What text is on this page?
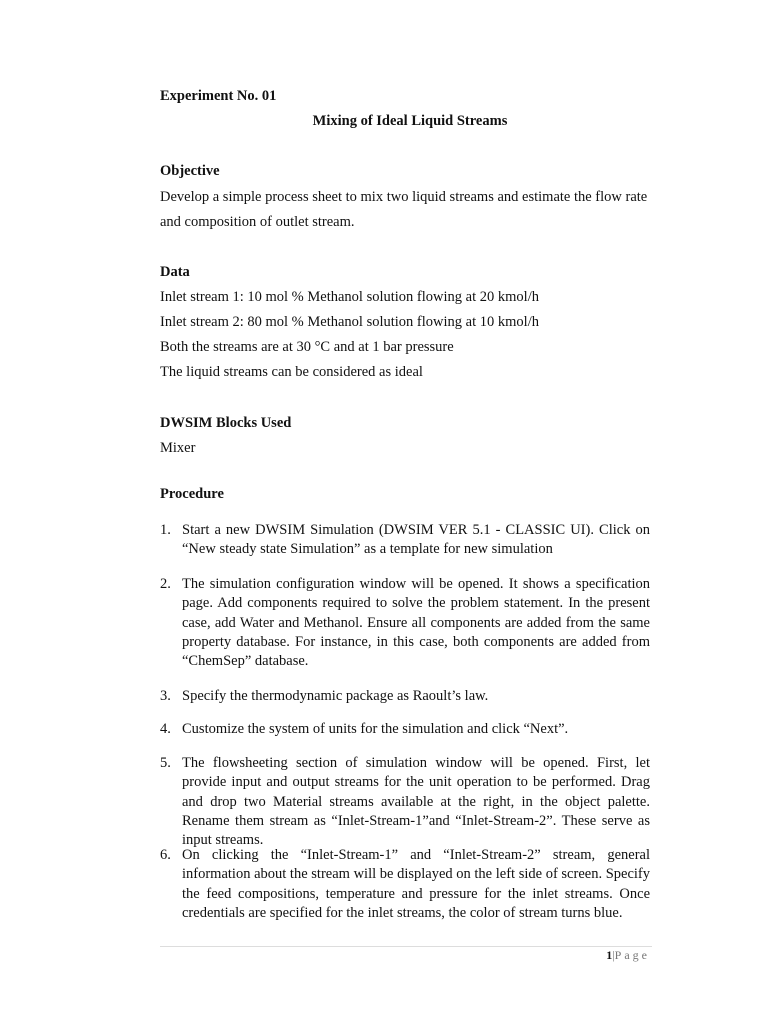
Experiment No. 01
Mixing of Ideal Liquid Streams
Objective
Develop a simple process sheet to mix two liquid streams and estimate the flow rate
and composition of outlet stream.
Data
Inlet stream 1: 10 mol % Methanol solution flowing at 20 kmol/h
Inlet stream 2: 80 mol % Methanol solution flowing at 10 kmol/h
Both the streams are at 30 °C and at 1 bar pressure
The liquid streams can be considered as ideal
DWSIM Blocks Used
Mixer
Procedure
1. Start a new DWSIM Simulation (DWSIM VER 5.1 - CLASSIC UI). Click on “New steady state Simulation” as a template for new simulation
2. The simulation configuration window will be opened. It shows a specification page. Add components required to solve the problem statement. In the present case, add Water and Methanol. Ensure all components are added from the same property database. For instance, in this case, both components are added from “ChemSep” database.
3. Specify the thermodynamic package as Raoult’s law.
4. Customize the system of units for the simulation and click “Next”.
5. The flowsheeting section of simulation window will be opened. First, let provide input and output streams for the unit operation to be performed. Drag and drop two Material streams available at the right, in the object palette. Rename them stream as “Inlet-Stream-1”and “Inlet-Stream-2”. These serve as input streams.
6. On clicking the “Inlet-Stream-1” and “Inlet-Stream-2” stream, general information about the stream will be displayed on the left side of screen. Specify the feed compositions, temperature and pressure for the inlet streams. Once credentials are specified for the inlet streams, the color of stream turns blue.
1|Page
